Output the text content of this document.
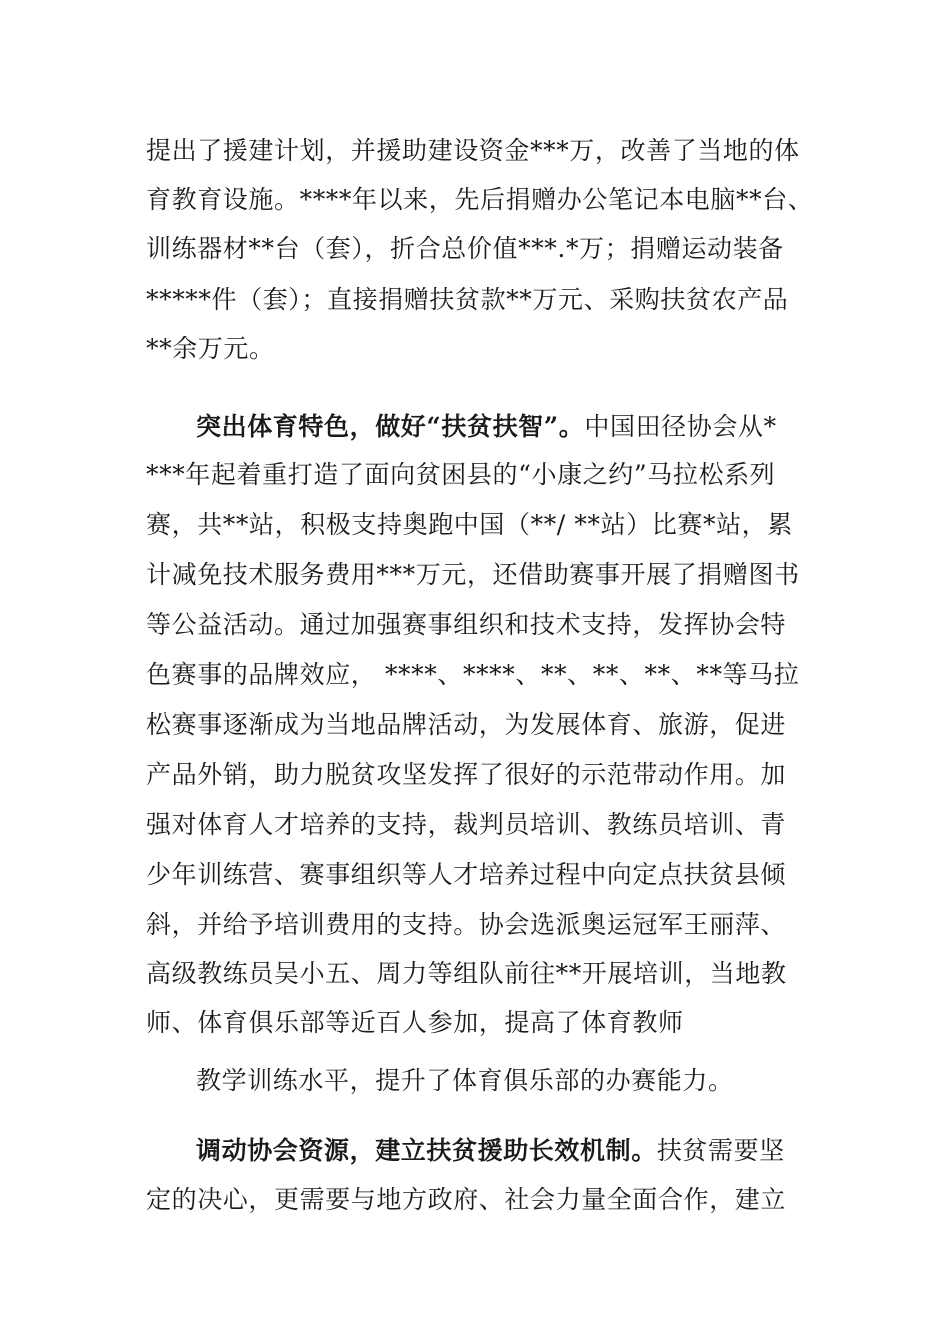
提出了援建计划，并援助建设资金***万，改善了当地的体
育教育设施。****年以来，先后捐赠办公笔记本电脑**台、
训练器材**台（套），折合总价值***.*万；捐赠运动装备
*****件（套）；直接捐赠扶贫款**万元、采购扶贫农产品
**余万元。
突出体育特色，做好“扶贫扶智”。中国田径协会从*
***年起着重打造了面向贫困县的“小康之约”马拉松系列
赛，共**站，积极支持奥跑中国（**/ **站）比赛*站，累
计减免技术服务费用***万元，还借助赛事开展了捐赠图书
等公益活动。通过加强赛事组织和技术支持，发挥协会特
色赛事的品牌效应， ****、****、**、**、**、**等马拉
松赛事逐渐成为当地品牌活动，为发展体育、旅游，促进
产品外销，助力脱贫攻坚发挥了很好的示范带动作用。加
强对体育人才培养的支持，裁判员培训、教练员培训、青
少年训练营、赛事组织等人才培养过程中向定点扶贫县倾
斜，并给予培训费用的支持。协会选派奥运冠军王丽萍、
高级教练员吴小五、周力等组队前往**开展培训，当地教
师、体育俱乐部等近百人参加，提高了体育教师
教学训练水平，提升了体育俱乐部的办赛能力。
调动协会资源，建立扶贫援助长效机制。扶贫需要坚
定的决心，更需要与地方政府、社会力量全面合作，建立
